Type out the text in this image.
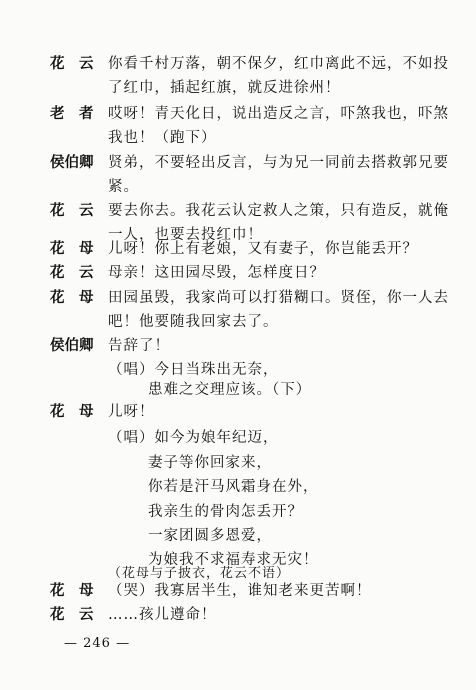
花　云
老　者
侯伯卿
花　云
花　母
花　云
花　母
侯伯卿
花　母
花　母
花　云
你看千村万落，朝不保夕，红巾离此不远，不如投
了红巾，插起红旗，就反进徐州！
哎呀！青天化日，说出造反之言，吓煞我也，吓煞
我也！（跑下）
贤弟，不要轻出反言，与为兄一同前去搭救郭兄要
紧。
要去你去。我花云认定救人之策，只有造反，就俺
一人，也要去投红巾！
儿呀！你上有老娘，又有妻子，你岂能丢开？
母亲！这田园尽毁，怎样度日？
田园虽毁，我家尚可以打猎糊口。贤侄，你一人去
吧！他要随我回家去了。
告辞了！
（唱）今日当珠出无奈，
患难之交理应该。（下）
儿呀！
（唱）如今为娘年纪迈，
妻子等你回家来，
你若是汗马风霜身在外，
我亲生的骨肉怎丢开？
一家团圆多恩爱，
为娘我不求福寿求无灾！
（花母与子披衣，花云不语）
（哭）我寡居半生，谁知老来更苦啊！
……孩儿遵命！
— 246 —
